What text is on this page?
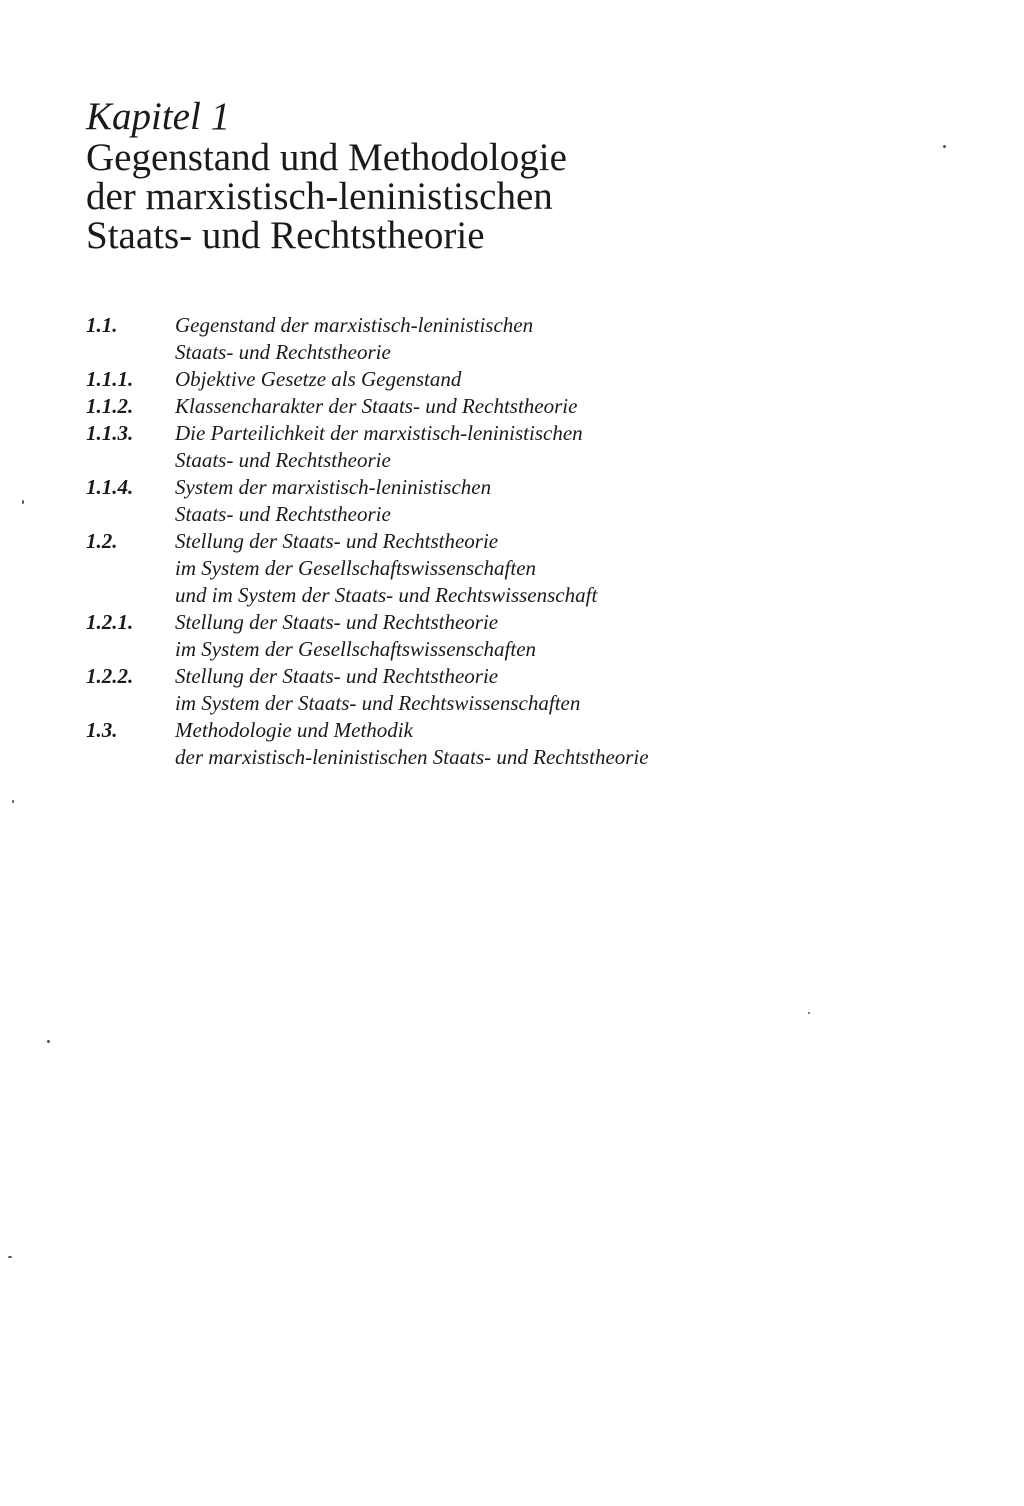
Kapitel 1

Gegenstand und Methodologie
der marxistisch-leninistischen
Staats- und Rechtstheorie
1.1.	Gegenstand der marxistisch-leninistischen
Staats- und Rechtstheorie
1.1.1.	Objektive Gesetze als Gegenstand
1.1.2.	Klassencharakter der Staats- und Rechtstheorie
1.1.3.	Die Parteilichkeit der marxistisch-leninistischen
Staats- und Rechtstheorie
1.1.4.	System der marxistisch-leninistischen
Staats- und Rechtstheorie
1.2.	Stellung der Staats- und Rechtstheorie
im System der Gesellschaftswissenschaften
und im System der Staats- und Rechtswissenschaft
1.2.1.	Stellung der Staats- und Rechtstheorie
im System der Gesellschaftswissenschaften
1.2.2.	Stellung der Staats- und Rechtstheorie
im System der Staats- und Rechtswissenschaften
1.3.	Methodologie und Methodik
der marxistisch-leninistischen Staats- und Rechtstheorie
